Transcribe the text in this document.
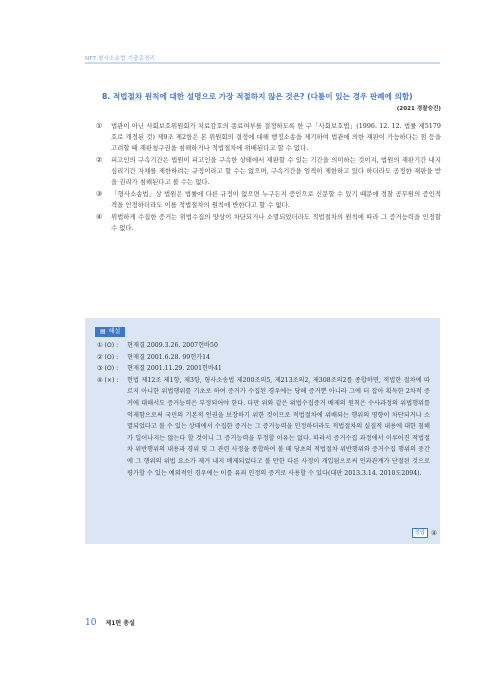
NFT 형사소송법 기출총정리
8. 적법절차 원칙에 대한 설명으로 가장 적절하지 않은 것은? (다툼이 있는 경우 판례에 의함)
(2021 경찰승진)
① 법관이 아닌 사회보호위원회가 치료감호의 종료여부를 결정하도록 한 구「사회보호법」(1996. 12. 12. 법률 제5179호로 개정된 것) 제9조 제2항은 본 위원회의 결정에 대해 행정소송을 제기하여 법관에 의한 재판이 가능하다는 점 등을 고려할 때 재판청구권을 침해하거나 적법절차에 위배된다고 할 수 없다.
② 피고인의 구속기간은 법원이 피고인을 구속한 상태에서 재판할 수 있는 기간을 의미하는 것이지, 법원의 재판기간 내지 심리기간 자체를 제한하려는 규정이라고 할 수는 없으며, 구속기간을 엄격히 제한하고 있다 하더라도 공정한 재판을 받을 권리가 침해된다고 볼 수는 없다.
③ 「형사소송법」상 법원은 법률에 다른 규정이 없으면 누구든지 증인으로 신문할 수 있기 때문에 경찰 공무원의 증인적격을 인정하더라도 이를 적법절차의 원칙에 반한다고 할 수 없다.
④ 위법하게 수집한 증거는 위법수집의 양상이 차단되거나 소멸되었더라도 적법절차의 원칙에 따라 그 증거능력을 인정할 수 없다.
▤ 해설
① (O) : 현재결 2009.3.26. 2007헌바50
② (O) : 현재결 2001.6.28. 99헌가14
③ (O) : 현재결 2001.11.29. 2001헌바41
④ (×) : 헌법 제12조 제1항, 제3항, 형사소송법 제200조의5, 제213조의2, 제308조의2를 종합하면, 적법한 절차에 따르지 아니한 위법행위를 기초로 하여 증거가 수집된 경우에는 당해 증거뿐 아니라 그에 터 잡아 획득한 2차적 증거에 대해서도 증거능력은 부정되어야 한다. 다만 위와 같은 위법수집증거 배제의 원칙은 수사과정의 위법행위를 억제함으로써 국민의 기본적 인권을 보장하기 위한 것이므로 적법절차에 위배되는 행위의 영향이 차단되거나 소멸되었다고 볼 수 있는 상태에서 수집한 증거는 그 증거능력을 인정하더라도 적법절차의 실질적 내용에 대한 침해가 일어나지는 않는다 할 것이니 그 증거능력을 부정할 이유는 없다. 따라서 증거수집 과정에서 이루어진 적법절차 위반행위의 내용과 경위 및 그 관련 사정을 종합하여 볼 때 당초의 적법절차 위반행위와 증거수집 행위의 중간에 그 행위의 위법 요소가 제거 내지 배제되었다고 볼 만한 다른 사정이 개입됨으로써 인과관계가 단절된 것으로 평가할 수 있는 예외적인 경우에는 이를 유죄 인정의 증거로 사용할 수 있다(대판 2013.3.14. 2010도2094).
정답 ④
10 제1편 총설
